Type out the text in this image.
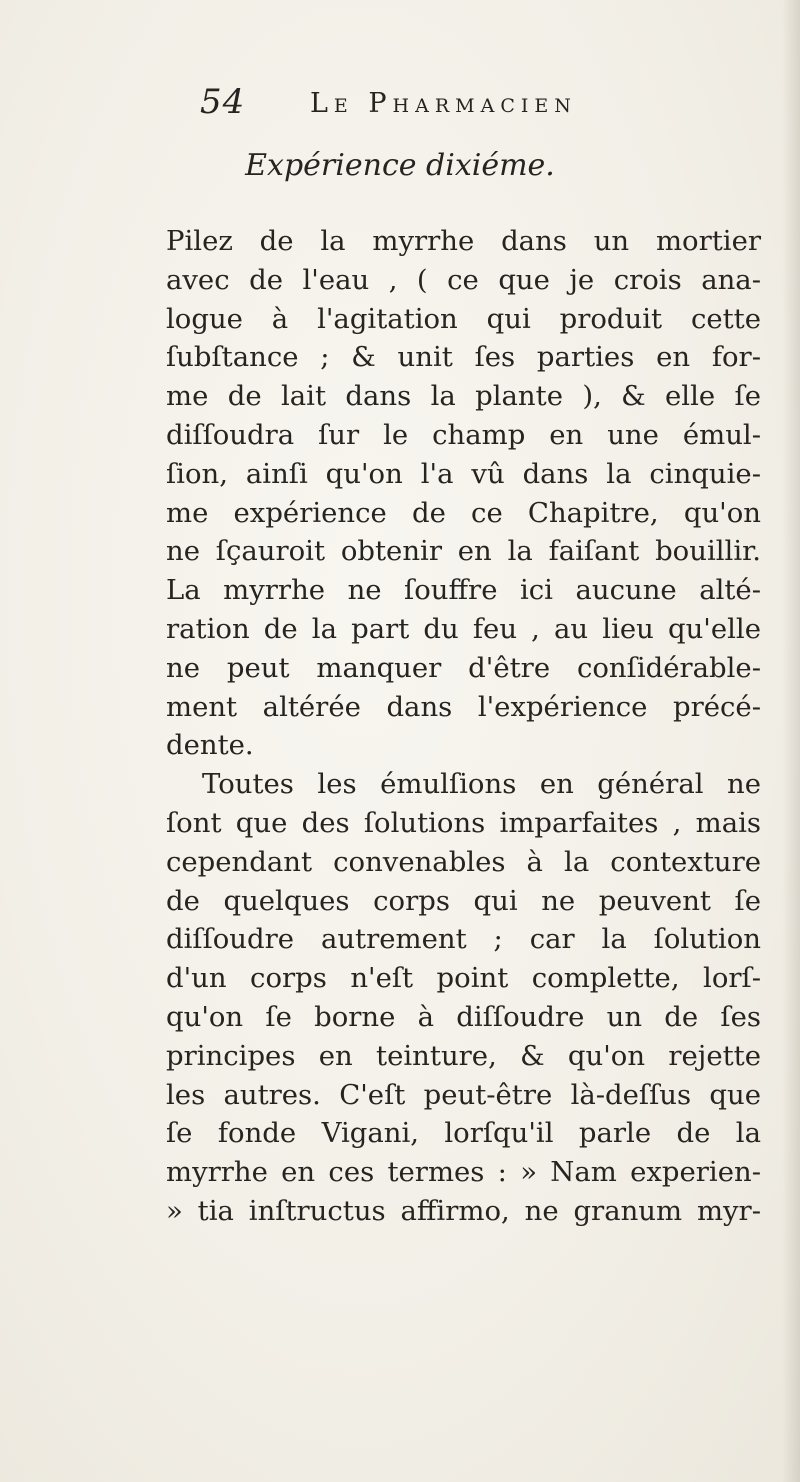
54 Le Pharmacien
Expérience dixiéme.
Pilez de la myrrhe dans un mortier
avec de l'eau , ( ce que je crois ana-
logue à l'agitation qui produit cette
ſubſtance ; & unit ſes parties en for-
me de lait dans la plante ), & elle ſe
diſſoudra ſur le champ en une émul-
ſion, ainſi qu'on l'a vû dans la cinquie-
me expérience de ce Chapitre, qu'on
ne ſçauroit obtenir en la faiſant bouillir.
La myrrhe ne ſouffre ici aucune alté-
ration de la part du feu , au lieu qu'elle
ne peut manquer d'être conſidérable-
ment altérée dans l'expérience précé-
dente.
Toutes les émulſions en général ne
ſont que des ſolutions imparfaites , mais
cependant convenables à la contexture
de quelques corps qui ne peuvent ſe
diſſoudre autrement ; car la ſolution
d'un corps n'eſt point complette, lorſ-
qu'on ſe borne à diſſoudre un de ſes
principes en teinture, & qu'on rejette
les autres. C'eſt peut-être là-deſſus que
ſe fonde Vigani, lorſqu'il parle de la
myrrhe en ces termes : » Nam experien-
» tia inſtructus affirmo, ne granum myr-
